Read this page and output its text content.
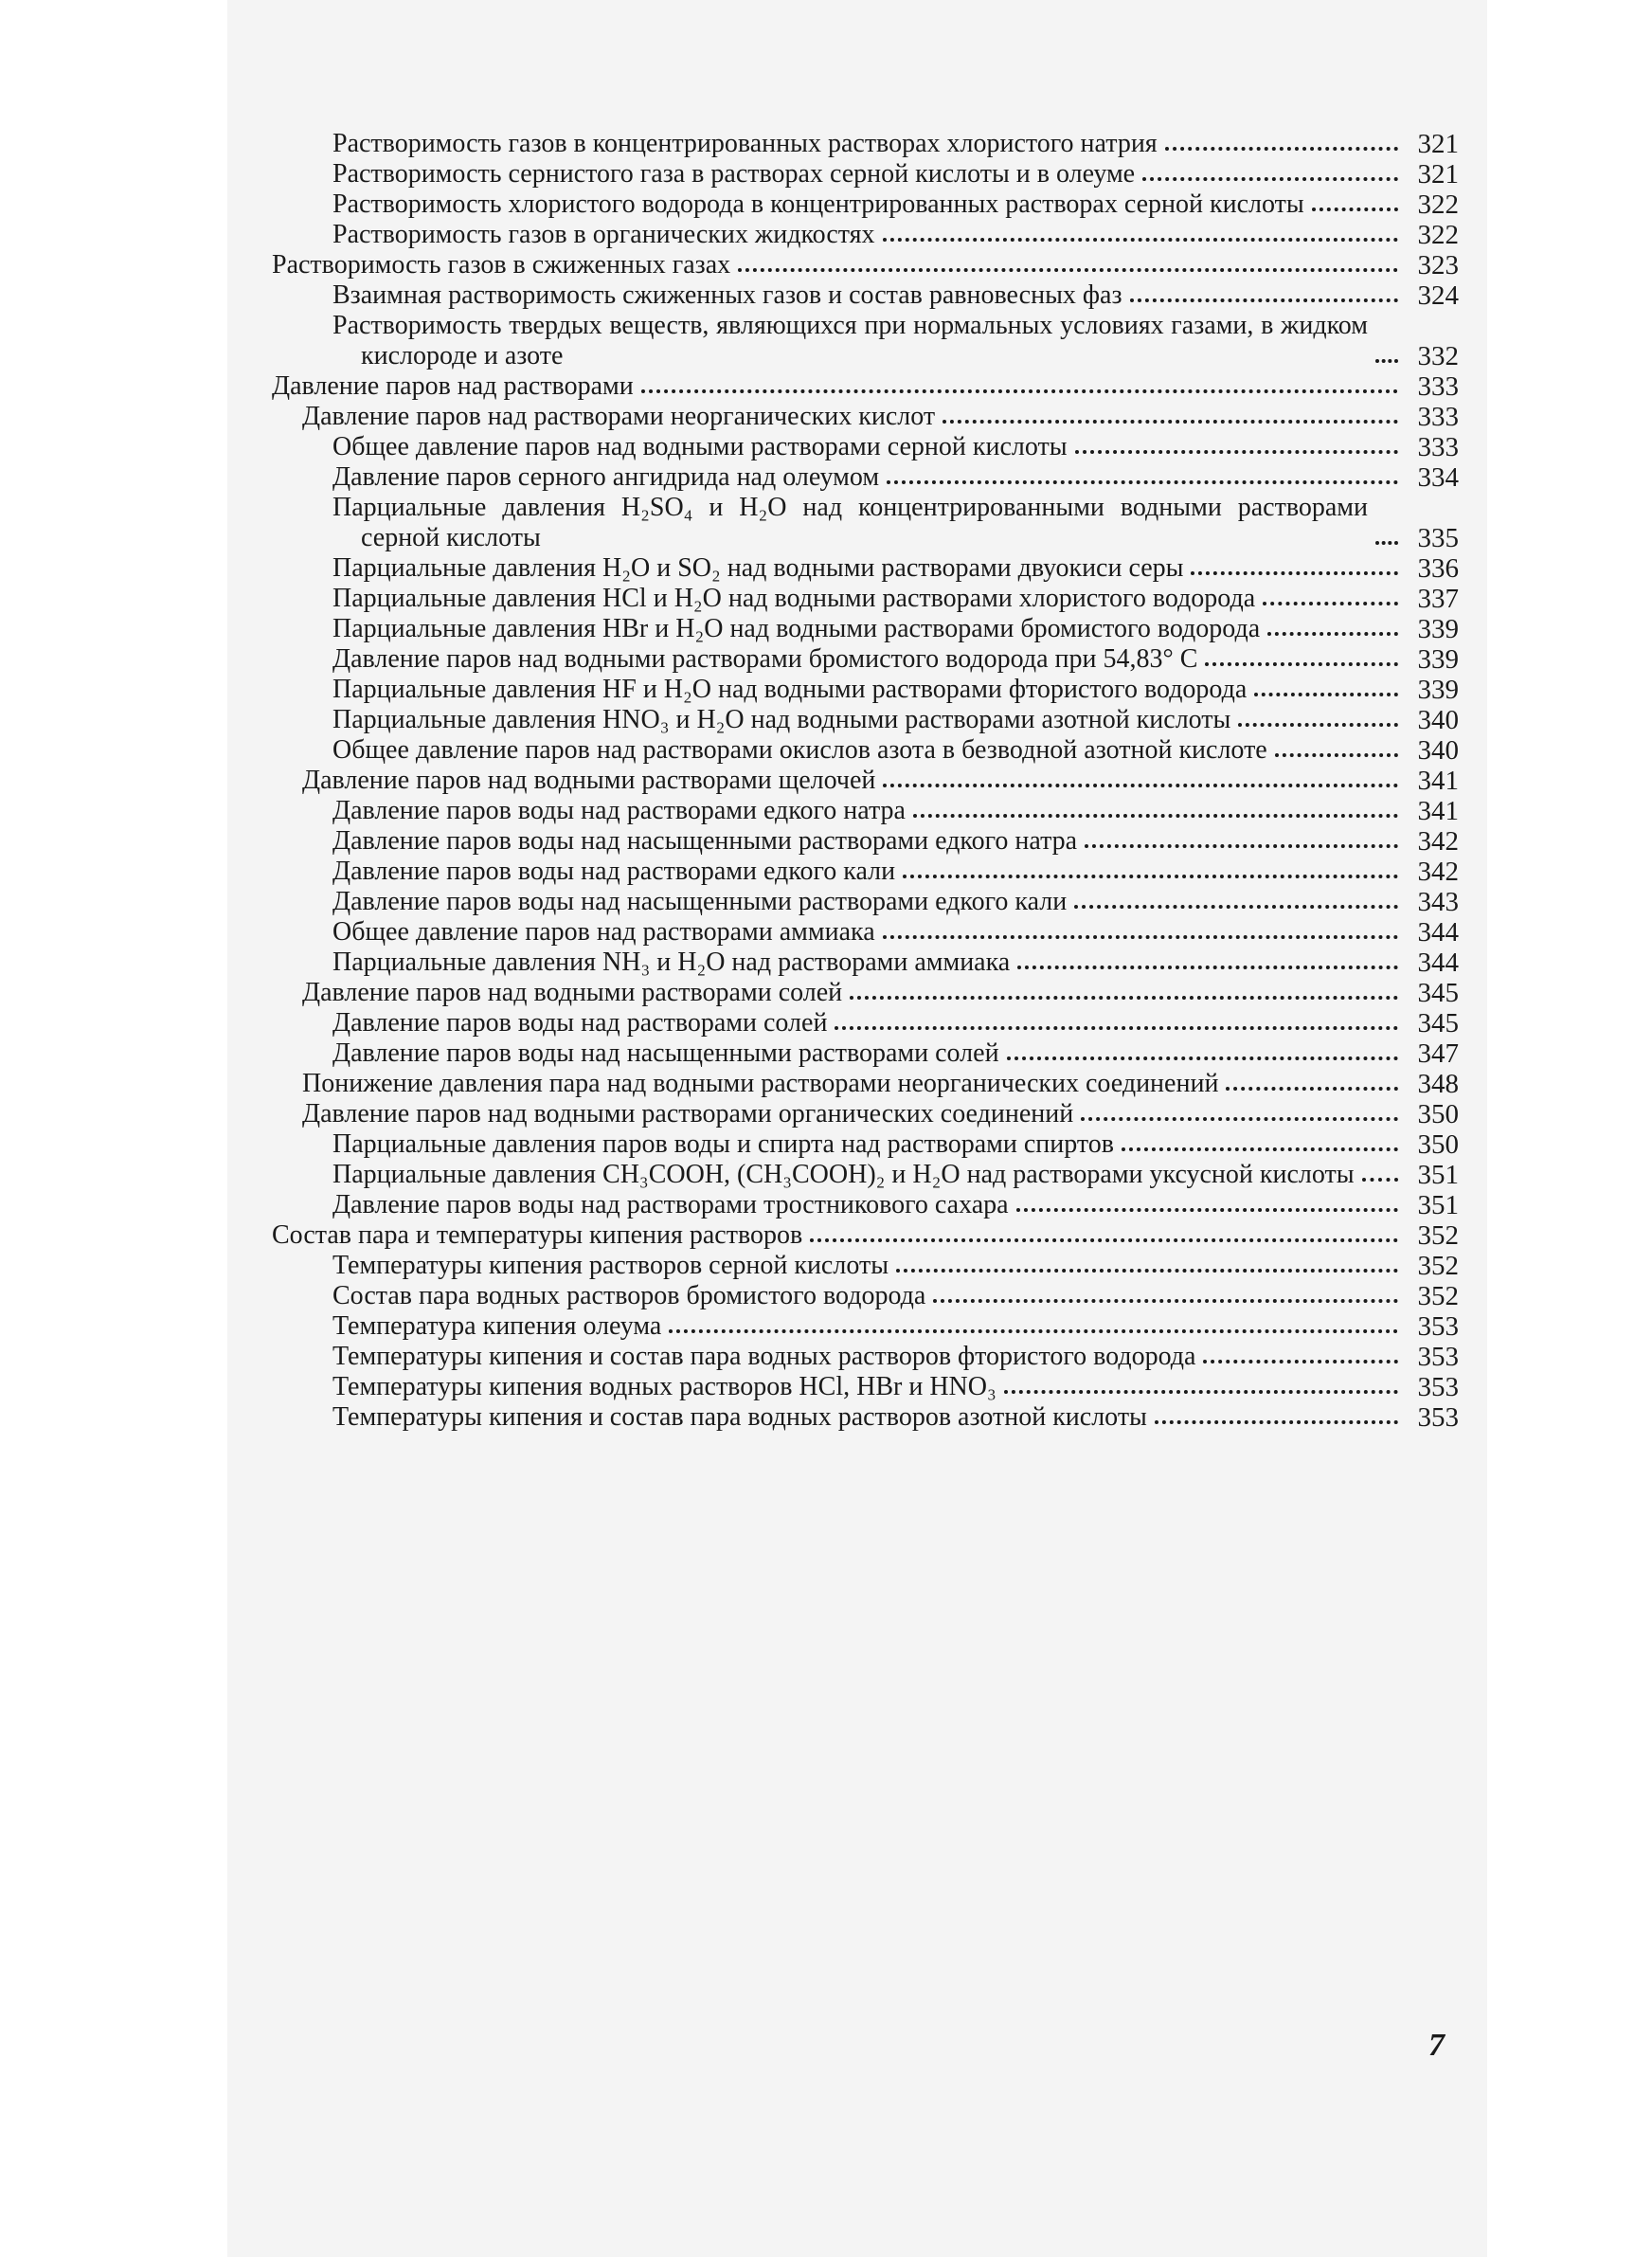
Растворимость газов в концентрированных растворах хлористого натрия	321
Растворимость сернистого газа в растворах серной кислоты и в олеуме	321
Растворимость хлористого водорода в концентрированных растворах серной кислоты	322
Растворимость газов в органических жидкостях	322
Растворимость газов в сжиженных газах	323
Взаимная растворимость сжиженных газов и состав равновесных фаз	324
Растворимость твердых веществ, являющихся при нормальных условиях газами, в жидком кислороде и азоте	332
Давление паров над растворами	333
Давление паров над растворами неорганических кислот	333
Общее давление паров над водными растворами серной кислоты	333
Давление паров серного ангидрида над олеумом	334
Парциальные давления H₂SO₄ и H₂O над концентрированными водными растворами серной кислоты	335
Парциальные давления H₂O и SO₂ над водными растворами двуокиси серы	336
Парциальные давления HCl и H₂O над водными растворами хлористого водорода	337
Парциальные давления HBr и H₂O над водными растворами бромистого водорода	339
Давление паров над водными растворами бромистого водорода при 54,83° C	339
Парциальные давления HF и H₂O над водными растворами фтористого водорода	339
Парциальные давления HNO₃ и H₂O над водными растворами азотной кислоты	340
Общее давление паров над растворами окислов азота в безводной азотной кислоте	340
Давление паров над водными растворами щелочей	341
Давление паров воды над растворами едкого натра	341
Давление паров воды над насыщенными растворами едкого натра	342
Давление паров воды над растворами едкого кали	342
Давление паров воды над насыщенными растворами едкого кали	343
Общее давление паров над растворами аммиака	344
Парциальные давления NH₃ и H₂O над растворами аммиака	344
Давление паров над водными растворами солей	345
Давление паров воды над растворами солей	345
Давление паров воды над насыщенными растворами солей	347
Понижение давления пара над водными растворами неорганических соединений	348
Давление паров над водными растворами органических соединений	350
Парциальные давления паров воды и спирта над растворами спиртов	350
Парциальные давления CH₃COOH, (CH₃COOH)₂ и H₂O над растворами уксусной кислоты	351
Давление паров воды над растворами тростникового сахара	351
Состав пара и температуры кипения растворов	352
Температуры кипения растворов серной кислоты	352
Состав пара водных растворов бромистого водорода	352
Температура кипения олеума	353
Температуры кипения и состав пара водных растворов фтористого водорода	353
Температуры кипения водных растворов HCl, HBr и HNO₃	353
Температуры кипения и состав пара водных растворов азотной кислоты	353
7
